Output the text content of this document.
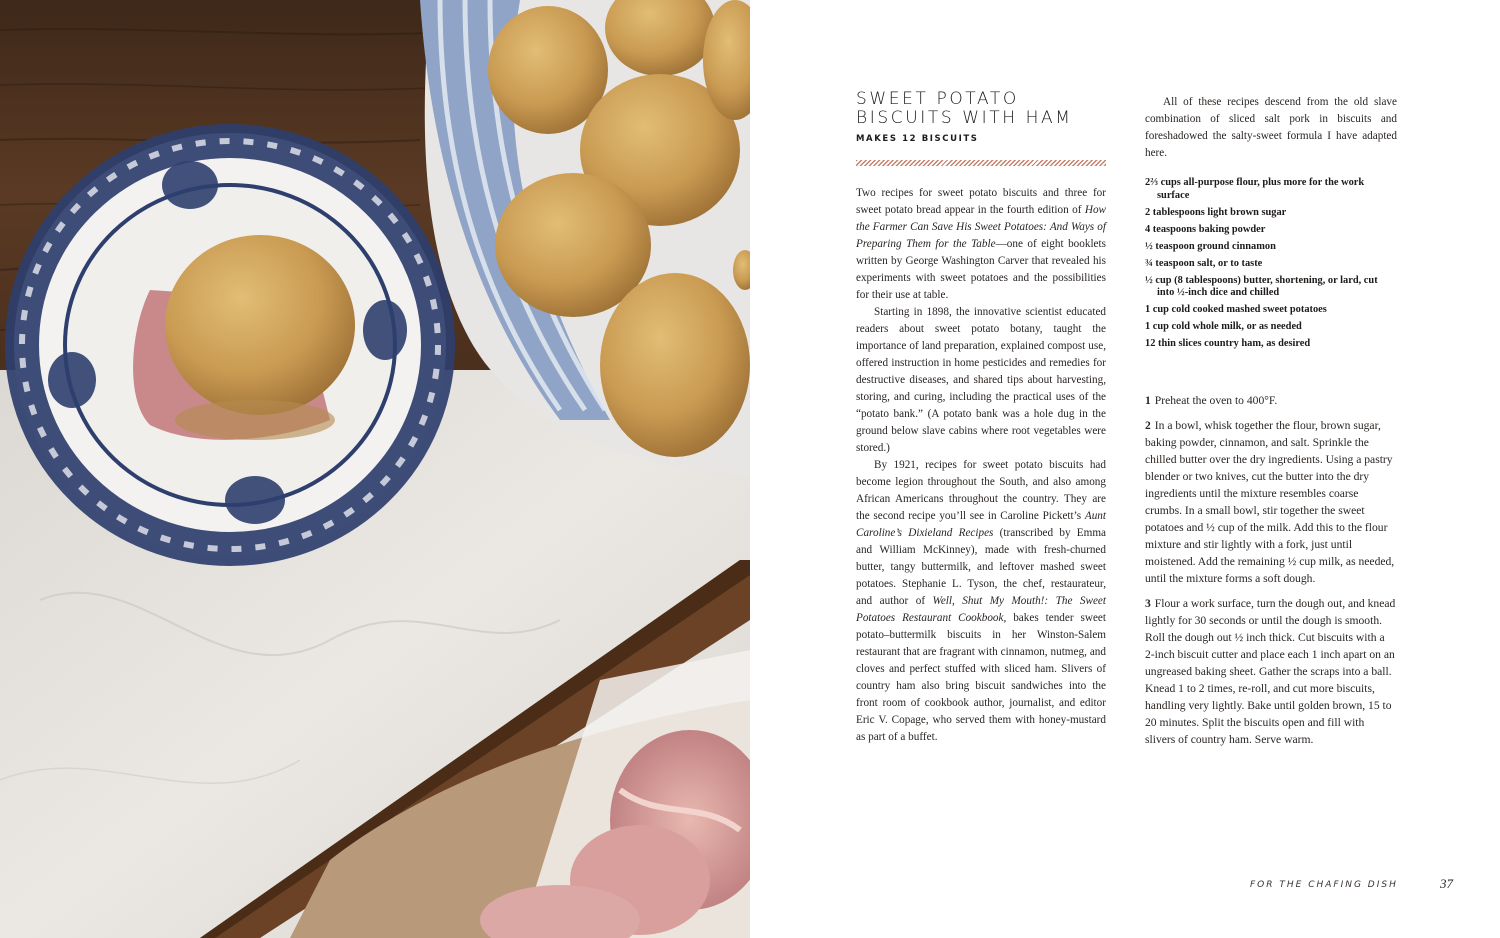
SWEET POTATO
BISCUITS WITH HAM
MAKES 12 BISCUITS

Two recipes for sweet potato biscuits and three for sweet potato bread appear in the fourth edition of How the Farmer Can Save His Sweet Potatoes: And Ways of Preparing Them for the Table—one of eight booklets written by George Washington Carver that revealed his experiments with sweet potatoes and the possibilities for their use at table.

Starting in 1898, the innovative scientist educated readers about sweet potato botany, taught the importance of land preparation, explained compost use, offered instruction in home pesticides and remedies for destructive diseases, and shared tips about harvesting, storing, and curing, including the practical uses of the “potato bank.” (A potato bank was a hole dug in the ground below slave cabins where root vegetables were stored.)

By 1921, recipes for sweet potato biscuits had become legion throughout the South, and also among African Americans throughout the country. They are the second recipe you’ll see in Caroline Pickett’s Aunt Caroline’s Dixieland Recipes (transcribed by Emma and William McKinney), made with fresh-churned butter, tangy buttermilk, and leftover mashed sweet potatoes. Stephanie L. Tyson, the chef, restaurateur, and author of Well, Shut My Mouth!: The Sweet Potatoes Restaurant Cookbook, bakes tender sweet potato–buttermilk biscuits in her Winston-Salem restaurant that are fragrant with cinnamon, nutmeg, and cloves and perfect stuffed with sliced ham. Slivers of country ham also bring biscuit sandwiches into the front room of cookbook author, journalist, and editor Eric V. Copage, who served them with honey-mustard as part of a buffet.

All of these recipes descend from the old slave combination of sliced salt pork in biscuits and foreshadowed the salty-sweet formula I have adapted here.

2⅔ cups all-purpose flour, plus more for the work surface
2 tablespoons light brown sugar
4 teaspoons baking powder
½ teaspoon ground cinnamon
¾ teaspoon salt, or to taste
½ cup (8 tablespoons) butter, shortening, or lard, cut into ½-inch dice and chilled
1 cup cold cooked mashed sweet potatoes
1 cup cold whole milk, or as needed
12 thin slices country ham, as desired
1 Preheat the oven to 400°F.
2 In a bowl, whisk together the flour, brown sugar, baking powder, cinnamon, and salt. Sprinkle the chilled butter over the dry ingredients. Using a pastry blender or two knives, cut the butter into the dry ingredients until the mixture resembles coarse crumbs. In a small bowl, stir together the sweet potatoes and ½ cup of the milk. Add this to the flour mixture and stir lightly with a fork, just until moistened. Add the remaining ½ cup milk, as needed, until the mixture forms a soft dough.
3 Flour a work surface, turn the dough out, and knead lightly for 30 seconds or until the dough is smooth. Roll the dough out ½ inch thick. Cut biscuits with a 2-inch biscuit cutter and place each 1 inch apart on an ungreased baking sheet. Gather the scraps into a ball. Knead 1 to 2 times, re-roll, and cut more biscuits, handling very lightly. Bake until golden brown, 15 to 20 minutes. Split the biscuits open and fill with slivers of country ham. Serve warm.
FOR THE CHAFING DISH	37
